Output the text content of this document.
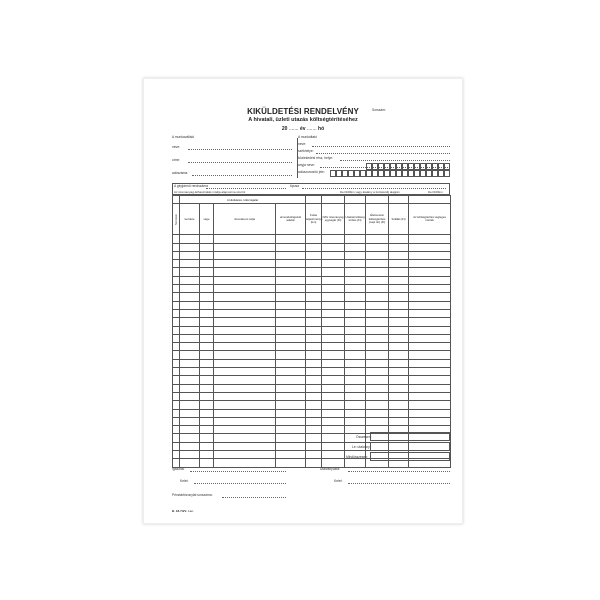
KIKÜLDETÉSI RENDELVÉNY
A hivatali, üzleti utazás költségtérítéséhez
20 ....... év ....... hó
Sorszám:
A munkavállaló
neve:
címe:
adószáma:
A munkáltató
neve:
székhelye:
közlekedési rész, helye:
anyja neve:
adóazonosító jele:
A gépjármű rendszáma	típusa
Az üzemanyag-felhasználás módja alapnorma szerint	liter/100km vagy átalány a tiszteletdíj alapján	liter/100km
	A kiküldetés, külszolgálat									
Sorszám	kezdete	vége	útvonala és célja	elmondott/igazolt adatok	Futás teljesítménye (km)	NAV üzemanyag egységár (Ft)	Utazási költség térítés (Ft)	Élelmezési költségtérítés (napi rét) (Ft)	Szállás (Ft)	Az költségtérítés végleges mérték

Összesen:
Le: utalvány:
Mindösszesen:
Igazolta:	Utalványozta:
Kelet:	Kelet:
Pénztárbizonylat sorszáma:
B. 18-73/V. r.sz.
